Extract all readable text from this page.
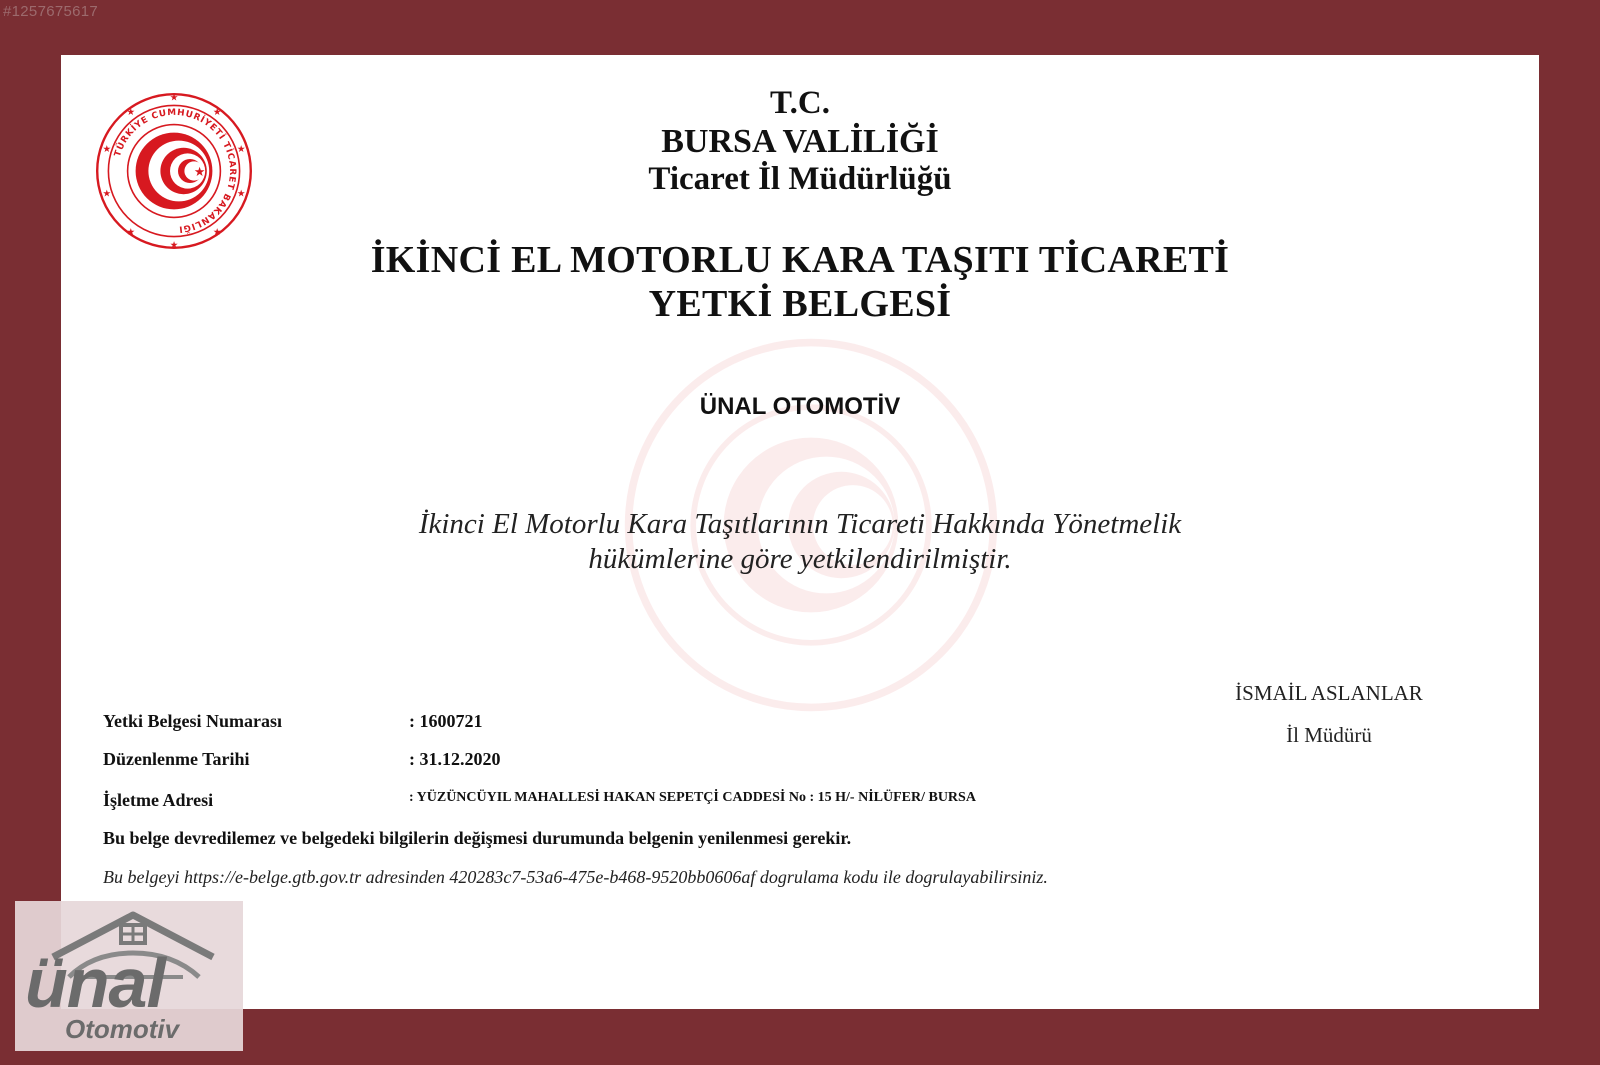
#1257675617
★
★
★
★
★
★
★
★
★
★
TÜRKİYE CUMHURİYETİ TİCARET BAKANLIĞI
★
T.C.
BURSA VALİLİĞİ
Ticaret İl Müdürlüğü
İKİNCİ EL MOTORLU KARA TAŞITI TİCARETİ
YETKİ BELGESİ
ÜNAL OTOMOTİV
İkinci El Motorlu Kara Taşıtlarının Ticareti Hakkında Yönetmelik
hükümlerine göre yetkilendirilmiştir.
İSMAİL ASLANLAR
İl Müdürü
Yetki Belgesi Numarası	: 1600721
Düzenlenme Tarihi	: 31.12.2020
İşletme Adresi	: YÜZÜNCÜYIL MAHALLESİ HAKAN SEPETÇİ CADDESİ No : 15 H/- NİLÜFER/ BURSA
Bu belge devredilemez ve belgedeki bilgilerin değişmesi durumunda belgenin yenilenmesi gerekir.
Bu belgeyi https://e-belge.gtb.gov.tr adresinden 420283c7-53a6-475e-b468-9520bb0606af dogrulama kodu ile dogrulayabilirsiniz.
ünal
Otomotiv
